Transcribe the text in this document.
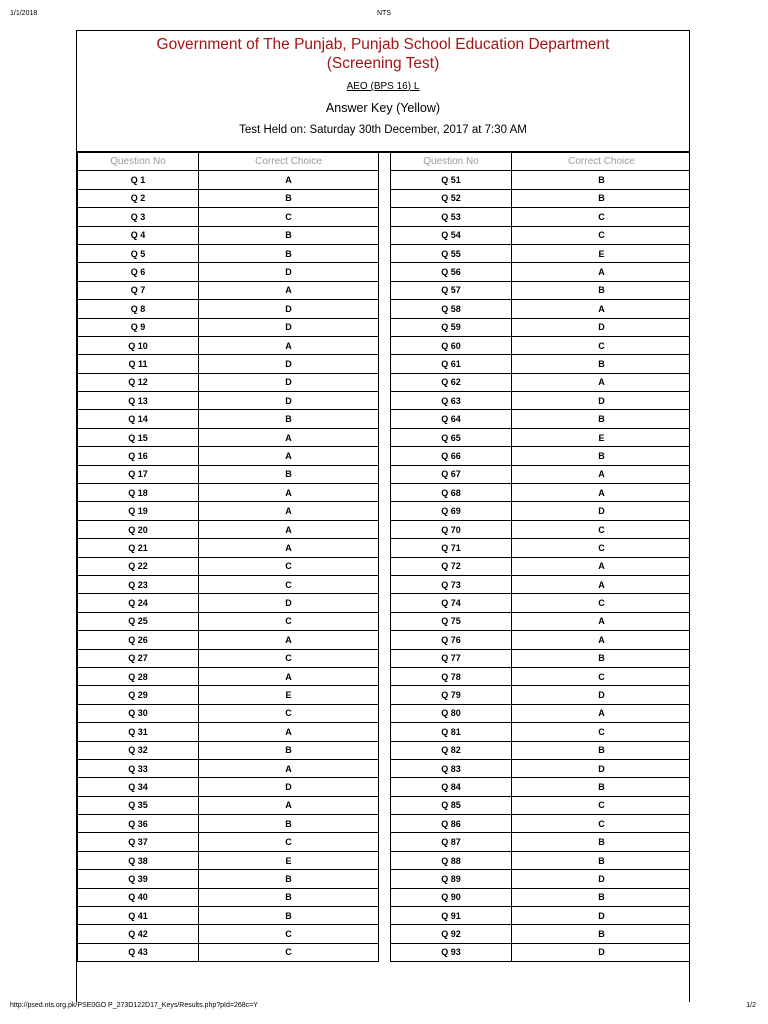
1/1/2018	NTS
Government of The Punjab, Punjab School Education Department
(Screening Test)
AEO (BPS 16) L
Answer Key (Yellow)
Test Held on: Saturday 30th December, 2017 at 7:30 AM
Question No	Correct Choice		Question No	Correct Choice
Q 1	A		Q 51	B
Q 2	B		Q 52	B
Q 3	C		Q 53	C
Q 4	B		Q 54	C
Q 5	B		Q 55	E
Q 6	D		Q 56	A
Q 7	A		Q 57	B
Q 8	D		Q 58	A
Q 9	D		Q 59	D
Q 10	A		Q 60	C
Q 11	D		Q 61	B
Q 12	D		Q 62	A
Q 13	D		Q 63	D
Q 14	B		Q 64	B
Q 15	A		Q 65	E
Q 16	A		Q 66	B
Q 17	B		Q 67	A
Q 18	A		Q 68	A
Q 19	A		Q 69	D
Q 20	A		Q 70	C
Q 21	A		Q 71	C
Q 22	C		Q 72	A
Q 23	C		Q 73	A
Q 24	D		Q 74	C
Q 25	C		Q 75	A
Q 26	A		Q 76	A
Q 27	C		Q 77	B
Q 28	A		Q 78	C
Q 29	E		Q 79	D
Q 30	C		Q 80	A
Q 31	A		Q 81	C
Q 32	B		Q 82	B
Q 33	A		Q 83	D
Q 34	D		Q 84	B
Q 35	A		Q 85	C
Q 36	B		Q 86	C
Q 37	C		Q 87	B
Q 38	E		Q 88	B
Q 39	B		Q 89	D
Q 40	B		Q 90	B
Q 41	B		Q 91	D
Q 42	C		Q 92	B
Q 43	C		Q 93	D
http://psed.nts.org.pk/PSE0GO P_273D122D17_Keys/Results.php?pId=268c=Y	1/2
